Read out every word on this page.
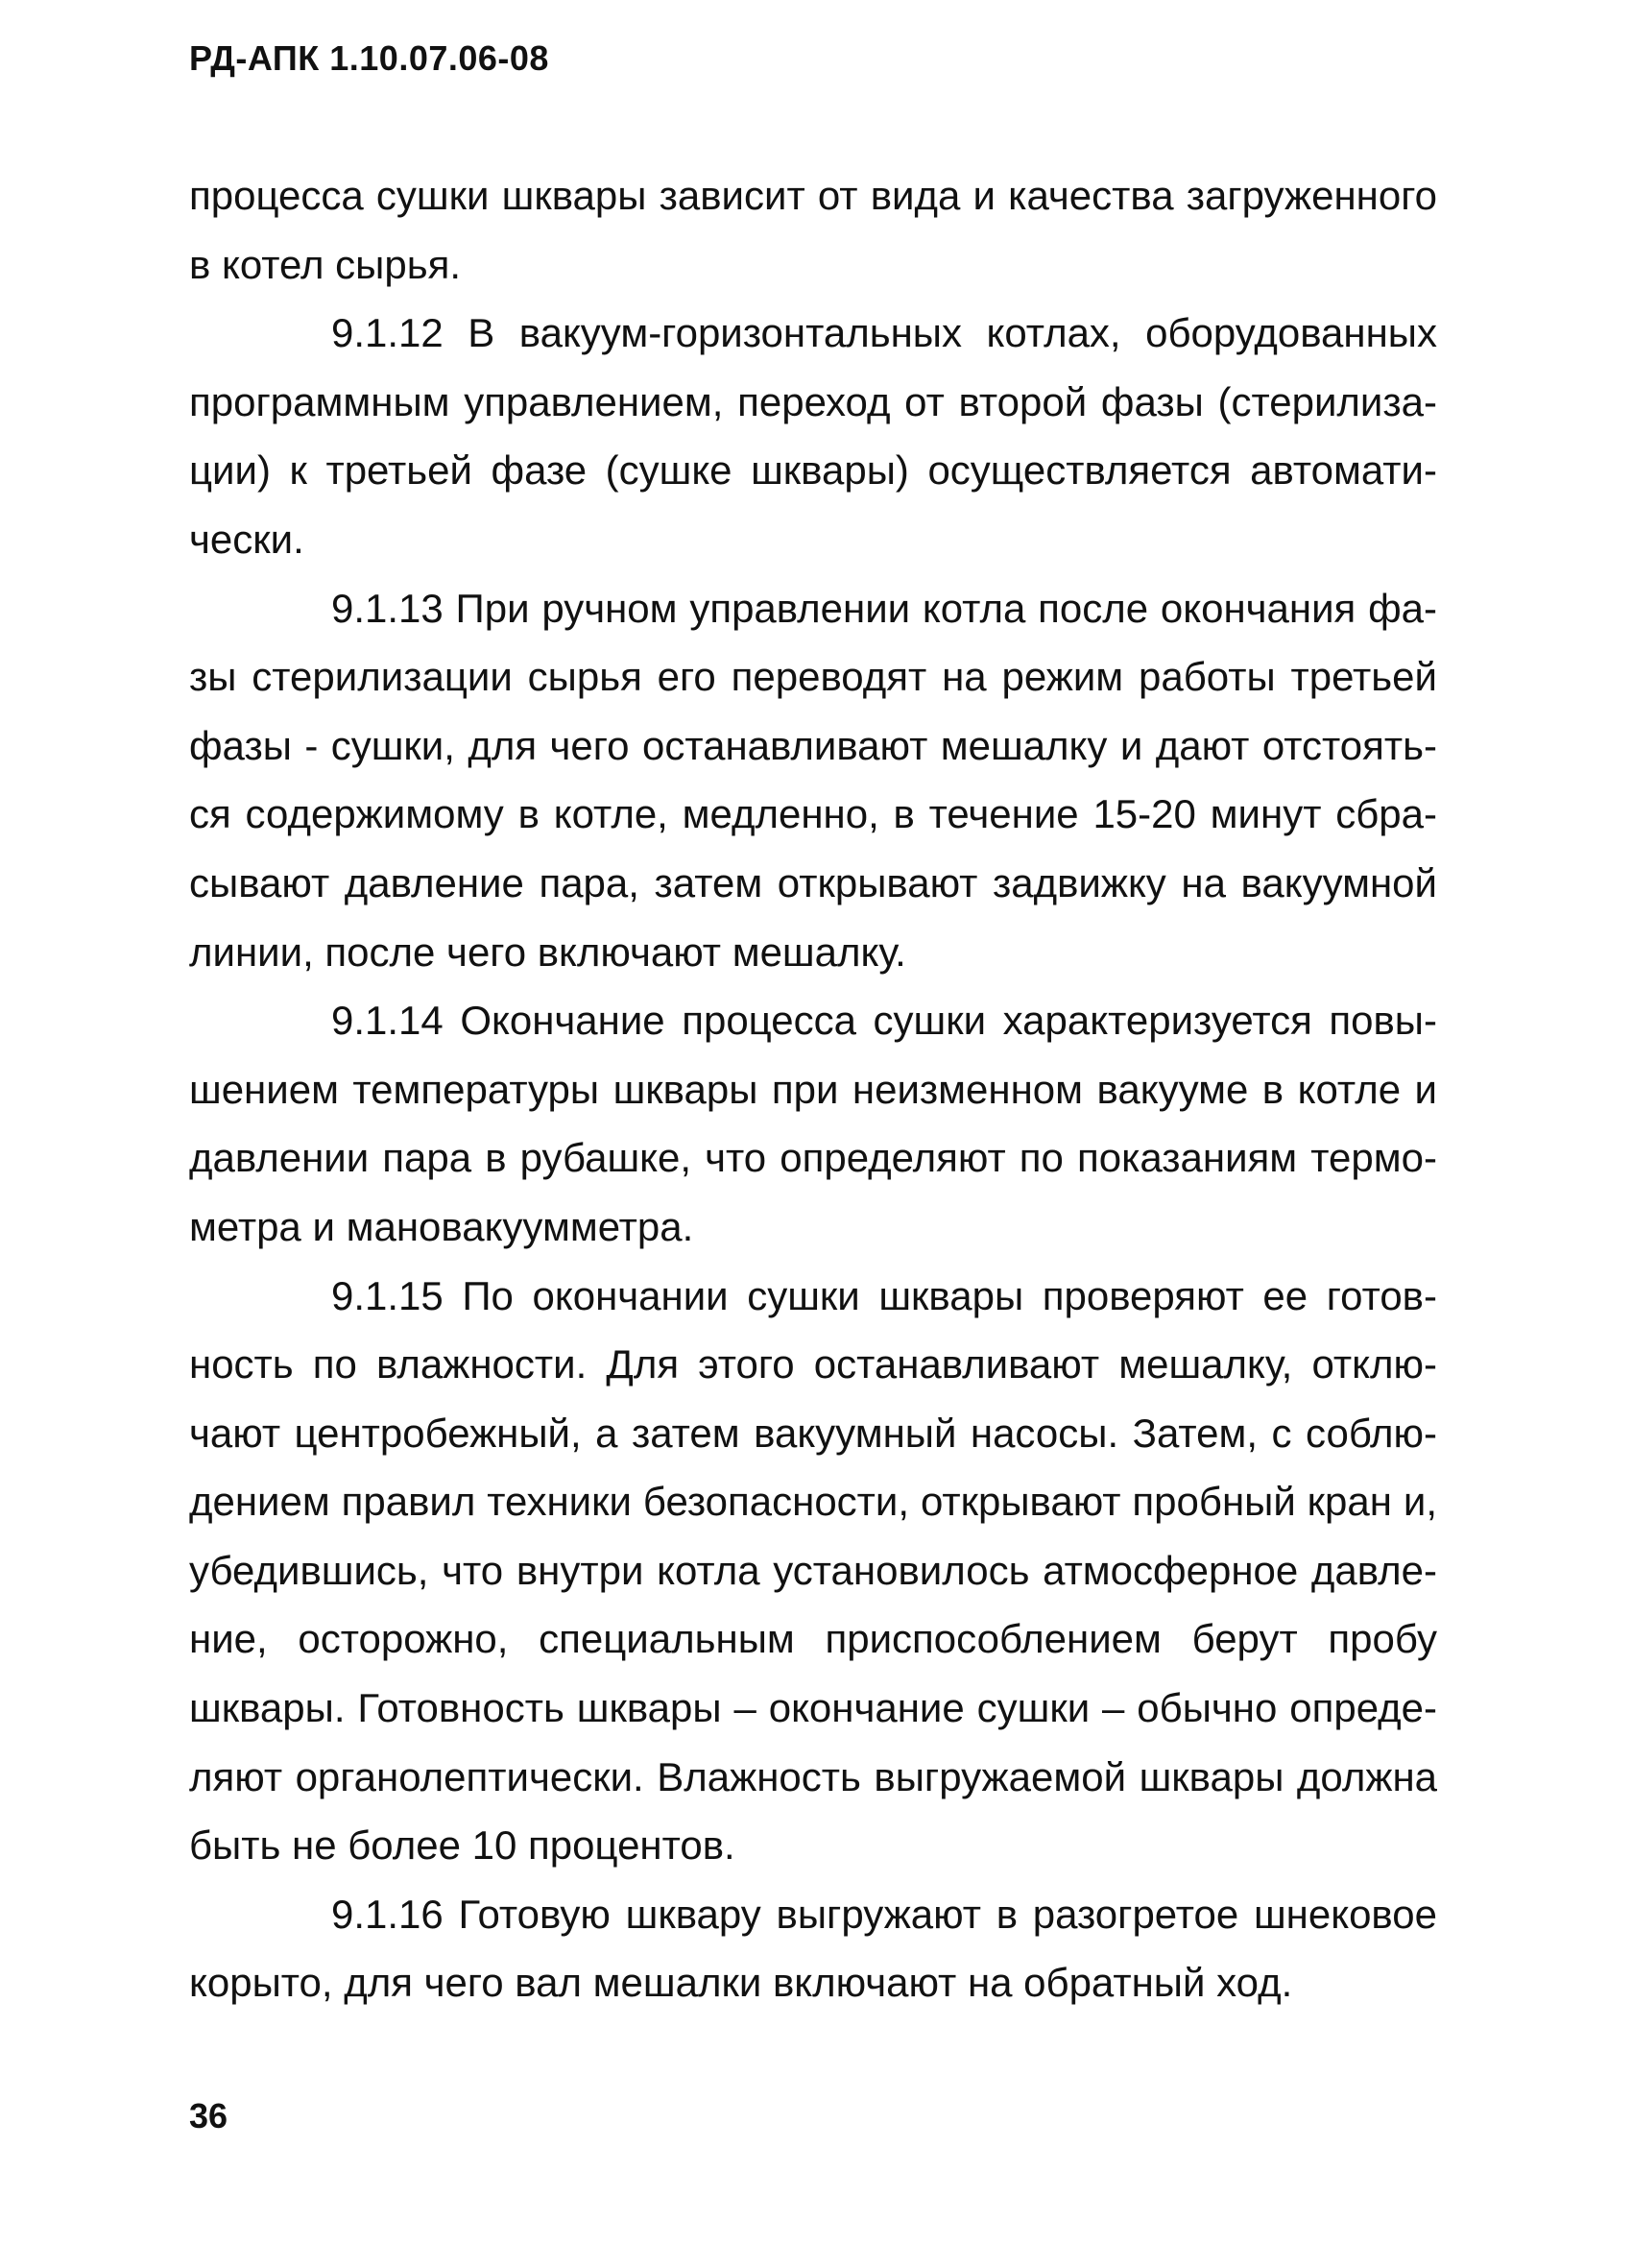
РД-АПК 1.10.07.06-08

процесса сушки шквары зависит от вида и качества загруженного в котел сырья.

9.1.12 В вакуум-горизонтальных котлах, оборудованных программным управлением, переход от второй фазы (стерилизации) к третьей фазе (сушке шквары) осуществляется автоматически.

9.1.13 При ручном управлении котла после окончания фазы стерилизации сырья его переводят на режим работы третьей фазы - сушки, для чего останавливают мешалку и дают отстояться содержимому в котле, медленно, в течение 15-20 минут сбрасывают давление пара, затем открывают задвижку на вакуумной линии, после чего включают мешалку.

9.1.14 Окончание процесса сушки характеризуется повышением температуры шквары при неизменном вакууме в котле и давлении пара в рубашке, что определяют по показаниям термометра и мановакуумметра.

9.1.15 По окончании сушки шквары проверяют ее готовность по влажности. Для этого останавливают мешалку, отключают центробежный, а затем вакуумный насосы. Затем, с соблюдением правил техники безопасности, открывают пробный кран и, убедившись, что внутри котла установилось атмосферное давление, осторожно, специальным приспособлением берут пробу шквары. Готовность шквары – окончание сушки – обычно определяют органолептически. Влажность выгружаемой шквары должна быть не более 10 процентов.

9.1.16 Готовую шквару выгружают в разогретое шнековое корыто, для чего вал мешалки включают на обратный ход.

36
